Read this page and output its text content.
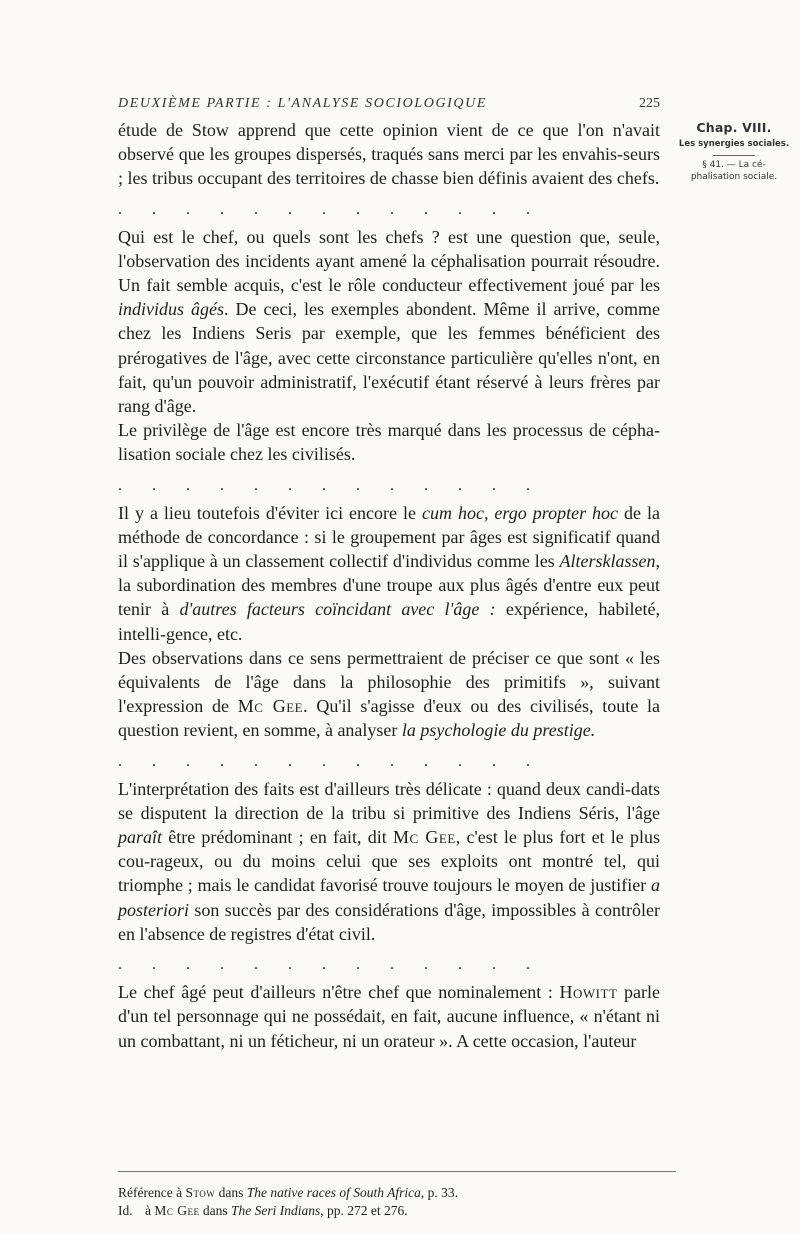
DEUXIÈME PARTIE : L'ANALYSE SOCIOLOGIQUE	225
Chap. VIII.
Les synergies sociales.
§ 41. — La cé-phalisation sociale.

étude de Stow apprend que cette opinion vient de ce que l'on n'avait observé que les groupes dispersés, traqués sans merci par les envahis-seurs ; les tribus occupant des territoires de chasse bien définis avaient des chefs.

. . . . . . . . . . . . .

Qui est le chef, ou quels sont les chefs ? est une question que, seule, l'observation des incidents ayant amené la céphalisation pourrait résoudre. Un fait semble acquis, c'est le rôle conducteur effectivement joué par les individus âgés. De ceci, les exemples abondent. Même il arrive, comme chez les Indiens Seris par exemple, que les femmes bénéficient des prérogatives de l'âge, avec cette circonstance particulière qu'elles n'ont, en fait, qu'un pouvoir administratif, l'exécutif étant réservé à leurs frères par rang d'âge.

Le privilège de l'âge est encore très marqué dans les processus de cépha-lisation sociale chez les civilisés.

. . . . . . . . . . . . .

Il y a lieu toutefois d'éviter ici encore le cum hoc, ergo propter hoc de la méthode de concordance : si le groupement par âges est significatif quand il s'applique à un classement collectif d'individus comme les Altersklassen, la subordination des membres d'une troupe aux plus âgés d'entre eux peut tenir à d'autres facteurs coïncidant avec l'âge : expérience, habileté, intelli-gence, etc.

Des observations dans ce sens permettraient de préciser ce que sont « les équivalents de l'âge dans la philosophie des primitifs », suivant l'expression de Mc Gee. Qu'il s'agisse d'eux ou des civilisés, toute la question revient, en somme, à analyser la psychologie du prestige.

. . . . . . . . . . . . .

L'interprétation des faits est d'ailleurs très délicate : quand deux candi-dats se disputent la direction de la tribu si primitive des Indiens Séris, l'âge paraît être prédominant ; en fait, dit Mc Gee, c'est le plus fort et le plus cou-rageux, ou du moins celui que ses exploits ont montré tel, qui triomphe ; mais le candidat favorisé trouve toujours le moyen de justifier a posteriori son succès par des considérations d'âge, impossibles à contrôler en l'absence de registres d'état civil.

. . . . . . . . . . . . .

Le chef âgé peut d'ailleurs n'être chef que nominalement : Howitt parle d'un tel personnage qui ne possédait, en fait, aucune influence, « n'étant ni un combattant, ni un féticheur, ni un orateur ». A cette occasion, l'auteur

Référence à Stow dans The native races of South Africa, p. 33.
Id. à Mc Gee dans The Seri Indians, pp. 272 et 276.
